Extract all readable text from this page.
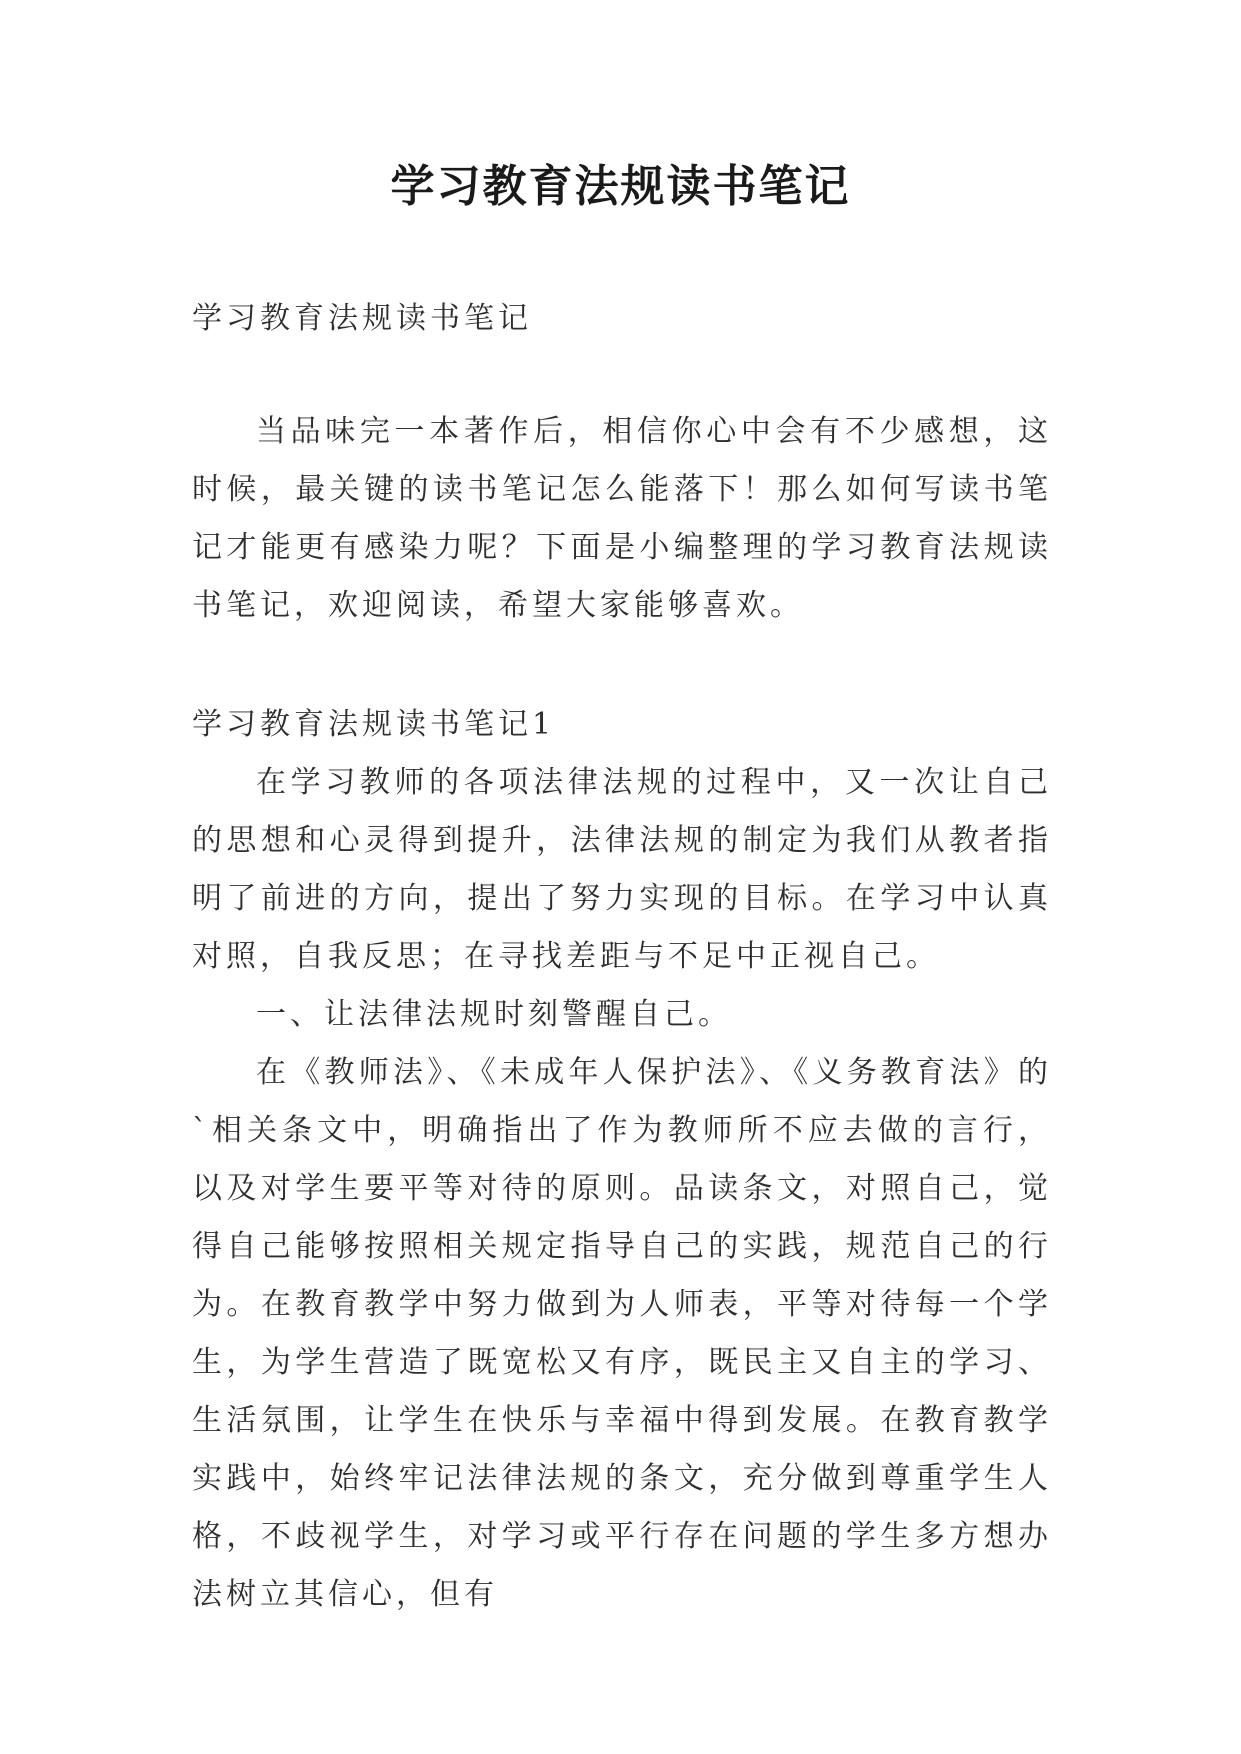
学习教育法规读书笔记

学习教育法规读书笔记

当品味完一本著作后，相信你心中会有不少感想，这时候，最关键的读书笔记怎么能落下！那么如何写读书笔记才能更有感染力呢？下面是小编整理的学习教育法规读书笔记，欢迎阅读，希望大家能够喜欢。

学习教育法规读书笔记1

在学习教师的各项法律法规的过程中，又一次让自己的思想和心灵得到提升，法律法规的制定为我们从教者指明了前进的方向，提出了努力实现的目标。在学习中认真对照，自我反思；在寻找差距与不足中正视自己。

一、让法律法规时刻警醒自己。

在《教师法》、《未成年人保护法》、《义务教育法》的`相关条文中，明确指出了作为教师所不应去做的言行，以及对学生要平等对待的原则。品读条文，对照自己，觉得自己能够按照相关规定指导自己的实践，规范自己的行为。在教育教学中努力做到为人师表，平等对待每一个学生，为学生营造了既宽松又有序，既民主又自主的学习、生活氛围，让学生在快乐与幸福中得到发展。在教育教学实践中，始终牢记法律法规的条文，充分做到尊重学生人格，不歧视学生，对学习或平行存在问题的学生多方想办法树立其信心，但有
